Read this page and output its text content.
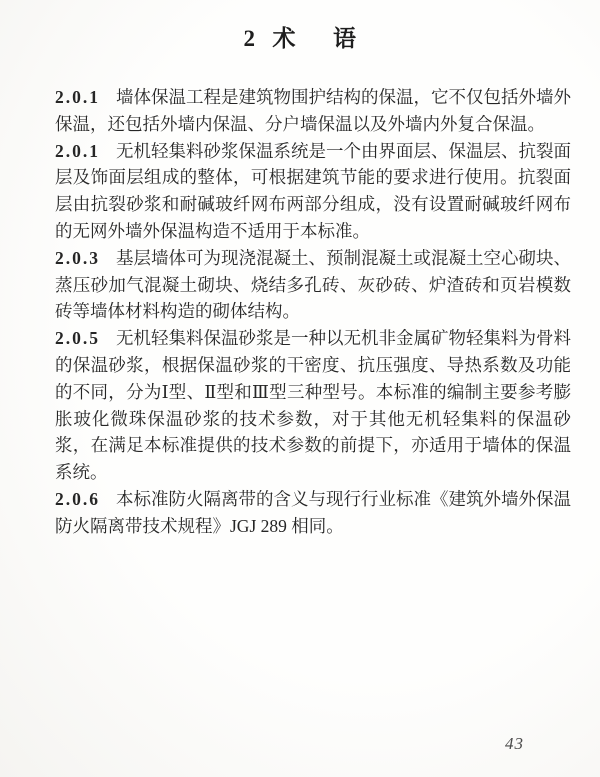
2 术 语

2.0.1 墙体保温工程是建筑物围护结构的保温，它不仅包括外墙外保温，还包括外墙内保温、分户墙保温以及外墙内外复合保温。

2.0.1 无机轻集料砂浆保温系统是一个由界面层、保温层、抗裂面层及饰面层组成的整体，可根据建筑节能的要求进行使用。抗裂面层由抗裂砂浆和耐碱玻纤网布两部分组成，没有设置耐碱玻纤网布的无网外墙外保温构造不适用于本标准。

2.0.3 基层墙体可为现浇混凝土、预制混凝土或混凝土空心砌块、蒸压砂加气混凝土砌块、烧结多孔砖、灰砂砖、炉渣砖和页岩模数砖等墙体材料构造的砌体结构。

2.0.5 无机轻集料保温砂浆是一种以无机非金属矿物轻集料为骨料的保温砂浆，根据保温砂浆的干密度、抗压强度、导热系数及功能的不同，分为Ⅰ型、Ⅱ型和Ⅲ型三种型号。本标准的编制主要参考膨胀玻化微珠保温砂浆的技术参数，对于其他无机轻集料的保温砂浆，在满足本标准提供的技术参数的前提下，亦适用于墙体的保温系统。

2.0.6 本标准防火隔离带的含义与现行行业标准《建筑外墙外保温防火隔离带技术规程》JGJ 289 相同。

43
